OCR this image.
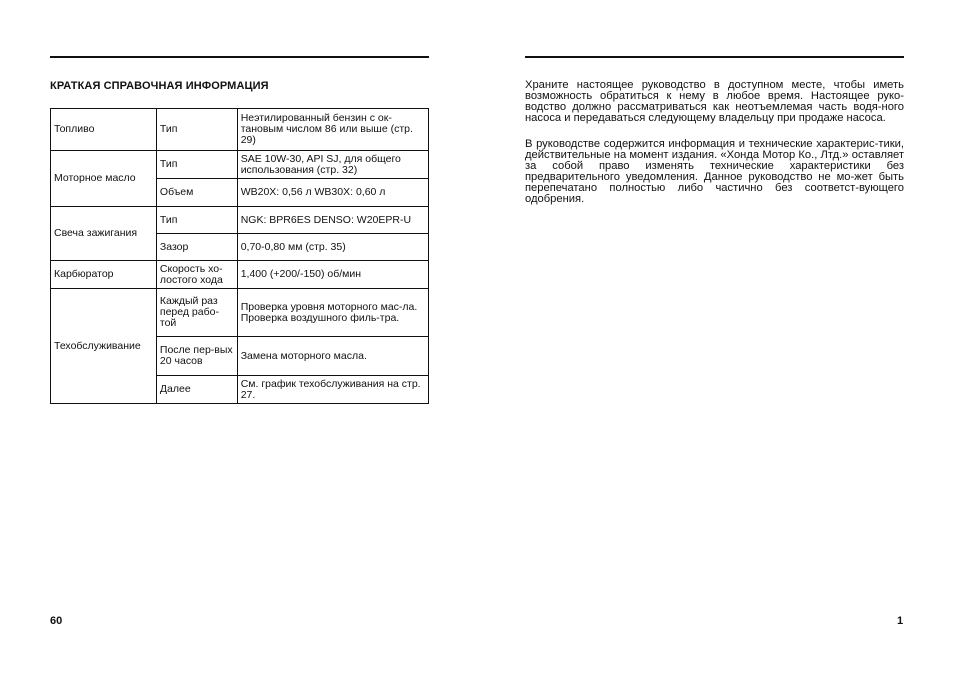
КРАТКАЯ СПРАВОЧНАЯ ИНФОРМАЦИЯ
Топливо	Тип	Неэтилированный бензин с ок-тановым числом 86 или выше (стр. 29)
Моторное масло	Тип	SAE 10W-30, API SJ, для общего использования (стр. 32)
	Объем	WB20X: 0,56 л WB30X: 0,60 л
Свеча зажигания	Тип	NGK: BPR6ES DENSO: W20EPR-U
	Зазор	0,70-0,80 мм (стр. 35)
Карбюратор	Скорость хо-лостого хода	1,400 (+200/-150) об/мин
Техобслуживание	Каждый раз перед рабо-той	Проверка уровня моторного мас-ла. Проверка воздушного филь-тра.
	После пер-вых 20 часов	Замена моторного масла.
	Далее	См. график техобслуживания на стр. 27.

Храните настоящее руководство в доступном месте, чтобы иметь возможность обратиться к нему в любое время. Настоящее руко-водство должно рассматриваться как неотъемлемая часть водя-ного насоса и передаваться следующему владельцу при продаже насоса.

В руководстве содержится информация и технические характерис-тики, действительные на момент издания. «Хонда Мотор Ко., Лтд.» оставляет за собой право изменять технические характеристики без предварительного уведомления. Данное руководство не мо-жет быть перепечатано полностью либо частично без соответст-вующего одобрения.

60	1
